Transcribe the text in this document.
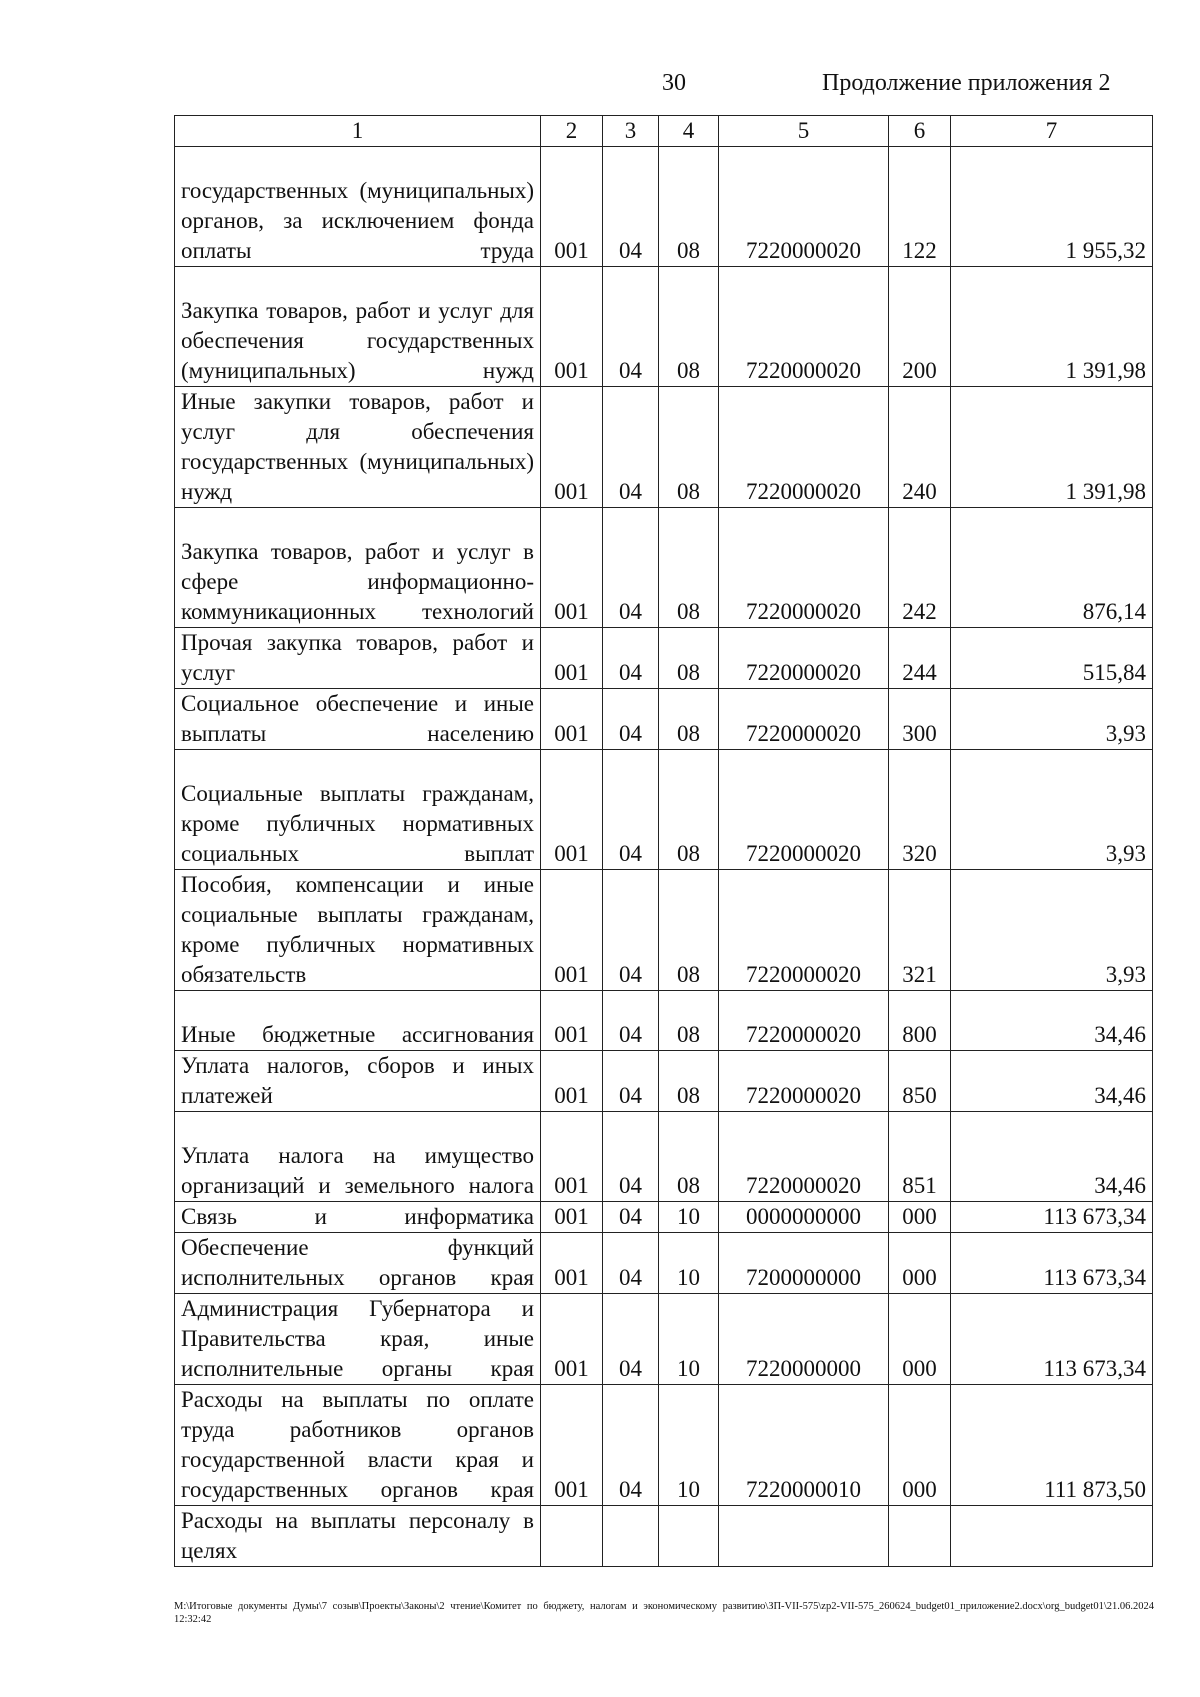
30	Продолжение приложения 2
1	2	3	4	5	6	7
государственных (муниципальных) органов, за исключением фонда оплаты труда	001	04	08	7220000020	122	1 955,32
Закупка товаров, работ и услуг для обеспечения государственных (муниципальных) нужд	001	04	08	7220000020	200	1 391,98
Иные закупки товаров, работ и услуг для обеспечения государственных (муниципальных) нужд	001	04	08	7220000020	240	1 391,98
Закупка товаров, работ и услуг в сфере информационно-коммуникационных технологий	001	04	08	7220000020	242	876,14
Прочая закупка товаров, работ и услуг	001	04	08	7220000020	244	515,84
Социальное обеспечение и иные выплаты населению	001	04	08	7220000020	300	3,93
Социальные выплаты гражданам, кроме публичных нормативных социальных выплат	001	04	08	7220000020	320	3,93
Пособия, компенсации и иные социальные выплаты гражданам, кроме публичных нормативных обязательств	001	04	08	7220000020	321	3,93
Иные бюджетные ассигнования	001	04	08	7220000020	800	34,46
Уплата налогов, сборов и иных платежей	001	04	08	7220000020	850	34,46
Уплата налога на имущество организаций и земельного налога	001	04	08	7220000020	851	34,46
Связь и информатика	001	04	10	0000000000	000	113 673,34
Обеспечение функций исполнительных органов края	001	04	10	7200000000	000	113 673,34
Администрация Губернатора и Правительства края, иные исполнительные органы края	001	04	10	7220000000	000	113 673,34
Расходы на выплаты по оплате труда работников органов государственной власти края и государственных органов края	001	04	10	7220000010	000	111 873,50
Расходы на выплаты персоналу в целях						
M:\Итоговые документы Думы\7 созыв\Проекты\Законы\2 чтение\Комитет по бюджету, налогам и экономическому развитию\ЗП-VII-575\zp2-VII-575_260624_budget01_приложение2.docx\org_budget01\21.06.2024 12:32:42
